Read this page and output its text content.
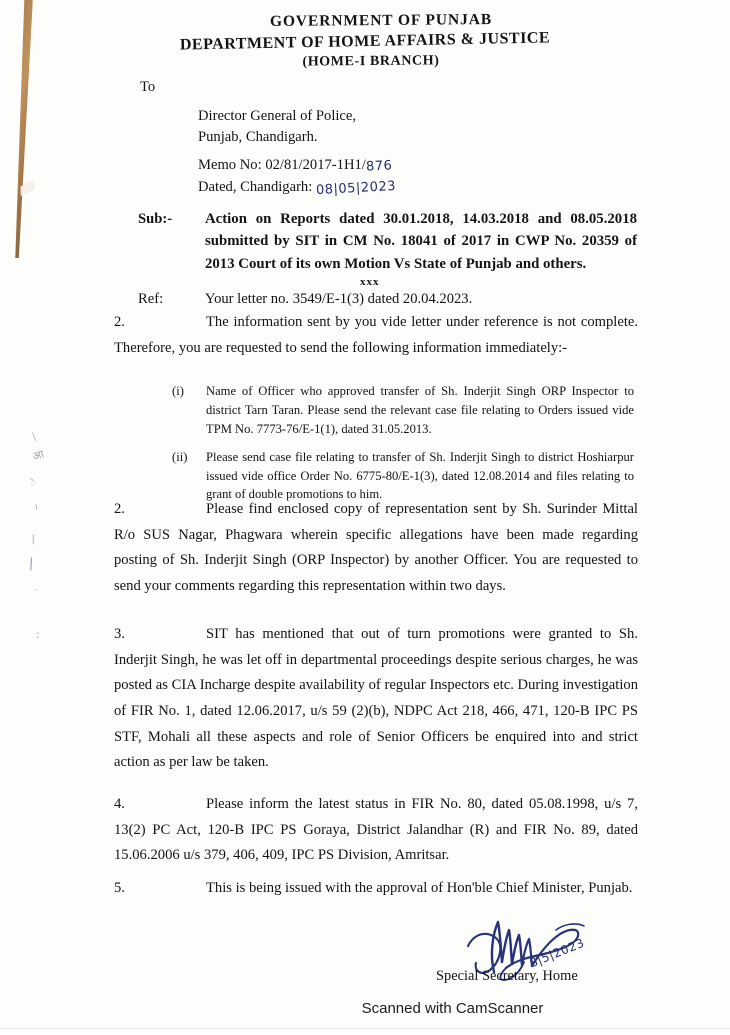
GOVERNMENT OF PUNJAB
DEPARTMENT OF HOME AFFAIRS & JUSTICE
(HOME-I BRANCH)
To
Director General of Police,
Punjab, Chandigarh.
Memo No: 02/81/2017-1H1/876
Dated, Chandigarh: 08|05|2023
Sub:- Action on Reports dated 30.01.2018, 14.03.2018 and 08.05.2018 submitted by SIT in CM No. 18041 of 2017 in CWP No. 20359 of 2013 Court of its own Motion Vs State of Punjab and others.
xxx
Ref:	Your letter no. 3549/E-1(3) dated 20.04.2023.
2.	The information sent by you vide letter under reference is not complete. Therefore, you are requested to send the following information immediately:-
(i)	Name of Officer who approved transfer of Sh. Inderjit Singh ORP Inspector to district Tarn Taran. Please send the relevant case file relating to Orders issued vide TPM No. 7773-76/E-1(1), dated 31.05.2013.
(ii)	Please send case file relating to transfer of Sh. Inderjit Singh to district Hoshiarpur issued vide office Order No. 6775-80/E-1(3), dated 12.08.2014 and files relating to grant of double promotions to him.
2.	Please find enclosed copy of representation sent by Sh. Surinder Mittal R/o SUS Nagar, Phagwara wherein specific allegations have been made regarding posting of Sh. Inderjit Singh (ORP Inspector) by another Officer. You are requested to send your comments regarding this representation within two days.
3.	SIT has mentioned that out of turn promotions were granted to Sh. Inderjit Singh, he was let off in departmental proceedings despite serious charges, he was posted as CIA Incharge despite availability of regular Inspectors etc. During investigation of FIR No. 1, dated 12.06.2017, u/s 59 (2)(b), NDPC Act 218, 466, 471, 120-B IPC PS STF, Mohali all these aspects and role of Senior Officers be enquired into and strict action as per law be taken.
4.	Please inform the latest status in FIR No. 80, dated 05.08.1998, u/s 7, 13(2) PC Act, 120-B IPC PS Goraya, District Jalandhar (R) and FIR No. 89, dated 15.06.2006 u/s 379, 406, 409, IPC PS Division, Amritsar.
5.	This is being issued with the approval of Hon'ble Chief Minister, Punjab.
/
आ
े
।
⁄
/
.
:
8|5|2023
Special Secretary, Home
Scanned with CamScanner
